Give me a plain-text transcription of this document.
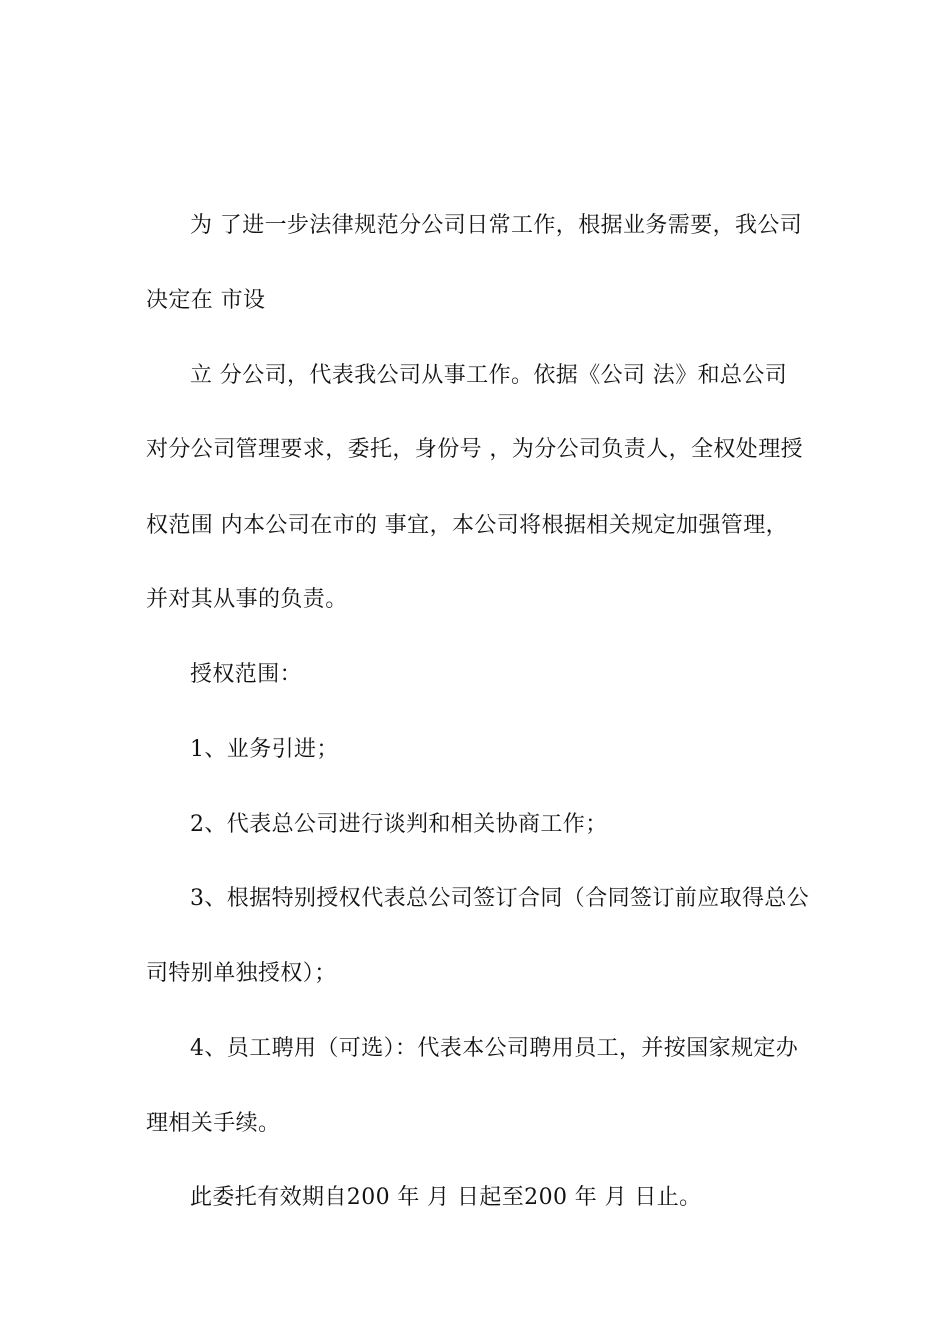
为 了进一步法律规范分公司日常工作，根据业务需要，我公司
决定在 市设
立 分公司，代表我公司从事工作。依据《公司 法》和总公司
对分公司管理要求，委托，身份号 ，为分公司负责人，全权处理授
权范围 内本公司在市的 事宜，本公司将根据相关规定加强管理，
并对其从事的负责。
授权范围：
1、业务引进；
2、代表总公司进行谈判和相关协商工作；
3、根据特别授权代表总公司签订合同（合同签订前应取得总公
司特别单独授权）；
4、员工聘用（可选）：代表本公司聘用员工，并按国家规定办
理相关手续。
此委托有效期自200 年 月 日起至200 年 月 日止。
